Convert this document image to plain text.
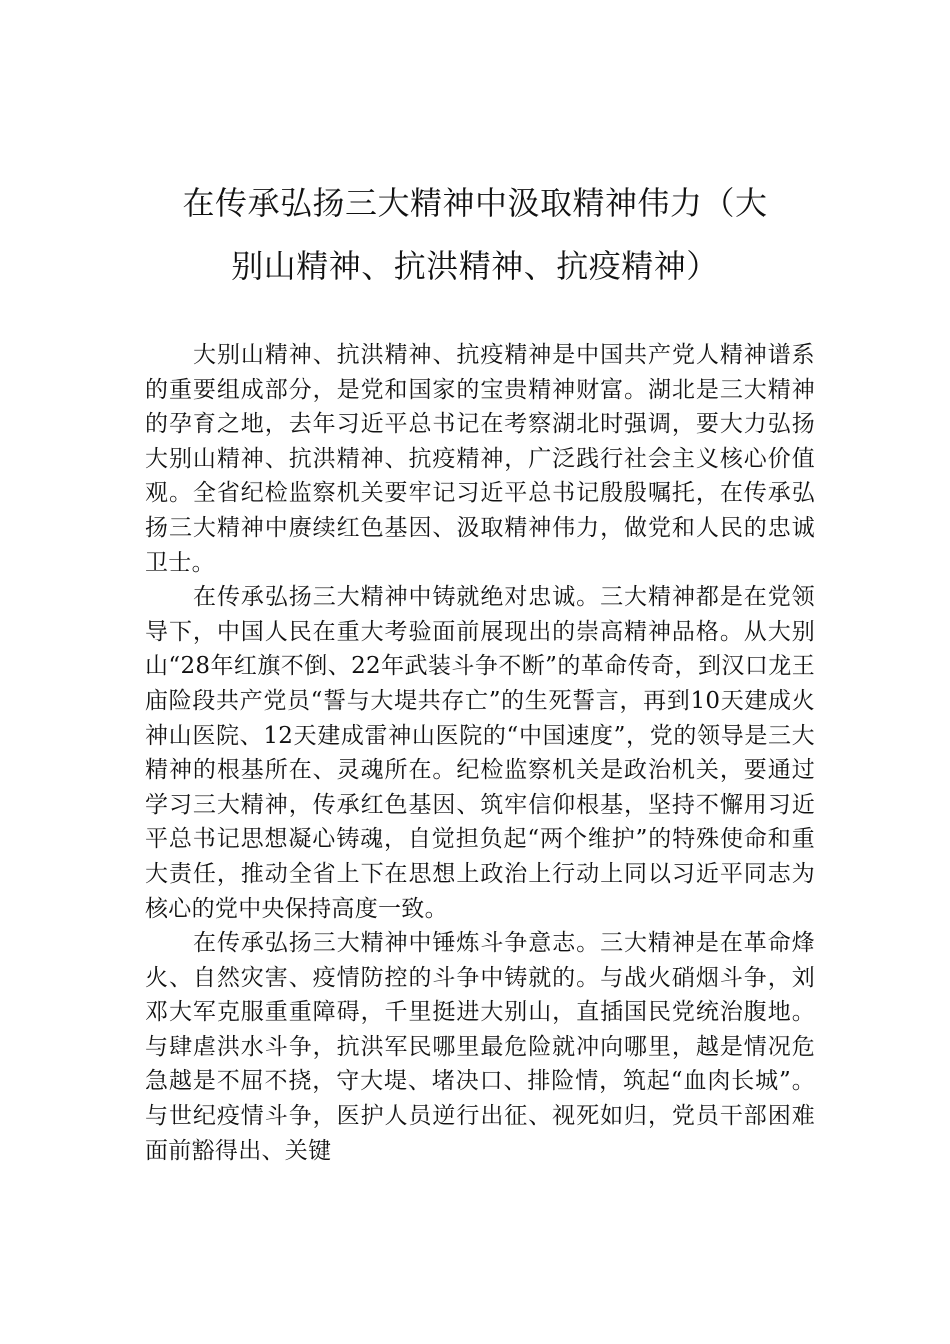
在传承弘扬三大精神中汲取精神伟力（大
别山精神、抗洪精神、抗疫精神）

大别山精神、抗洪精神、抗疫精神是中国共产党人精神谱系的重要组成部分，是党和国家的宝贵精神财富。湖北是三大精神的孕育之地，去年习近平总书记在考察湖北时强调，要大力弘扬大别山精神、抗洪精神、抗疫精神，广泛践行社会主义核心价值观。全省纪检监察机关要牢记习近平总书记殷殷嘱托，在传承弘扬三大精神中赓续红色基因、汲取精神伟力，做党和人民的忠诚卫士。

在传承弘扬三大精神中铸就绝对忠诚。三大精神都是在党领导下，中国人民在重大考验面前展现出的崇高精神品格。从大别山“28年红旗不倒、22年武装斗争不断”的革命传奇，到汉口龙王庙险段共产党员“誓与大堤共存亡”的生死誓言，再到10天建成火神山医院、12天建成雷神山医院的“中国速度”，党的领导是三大精神的根基所在、灵魂所在。纪检监察机关是政治机关，要通过学习三大精神，传承红色基因、筑牢信仰根基，坚持不懈用习近平总书记思想凝心铸魂，自觉担负起“两个维护”的特殊使命和重大责任，推动全省上下在思想上政治上行动上同以习近平同志为核心的党中央保持高度一致。

在传承弘扬三大精神中锤炼斗争意志。三大精神是在革命烽火、自然灾害、疫情防控的斗争中铸就的。与战火硝烟斗争，刘邓大军克服重重障碍，千里挺进大别山，直插国民党统治腹地。与肆虐洪水斗争，抗洪军民哪里最危险就冲向哪里，越是情况危急越是不屈不挠，守大堤、堵决口、排险情，筑起“血肉长城”。与世纪疫情斗争，医护人员逆行出征、视死如归，党员干部困难面前豁得出、关键
